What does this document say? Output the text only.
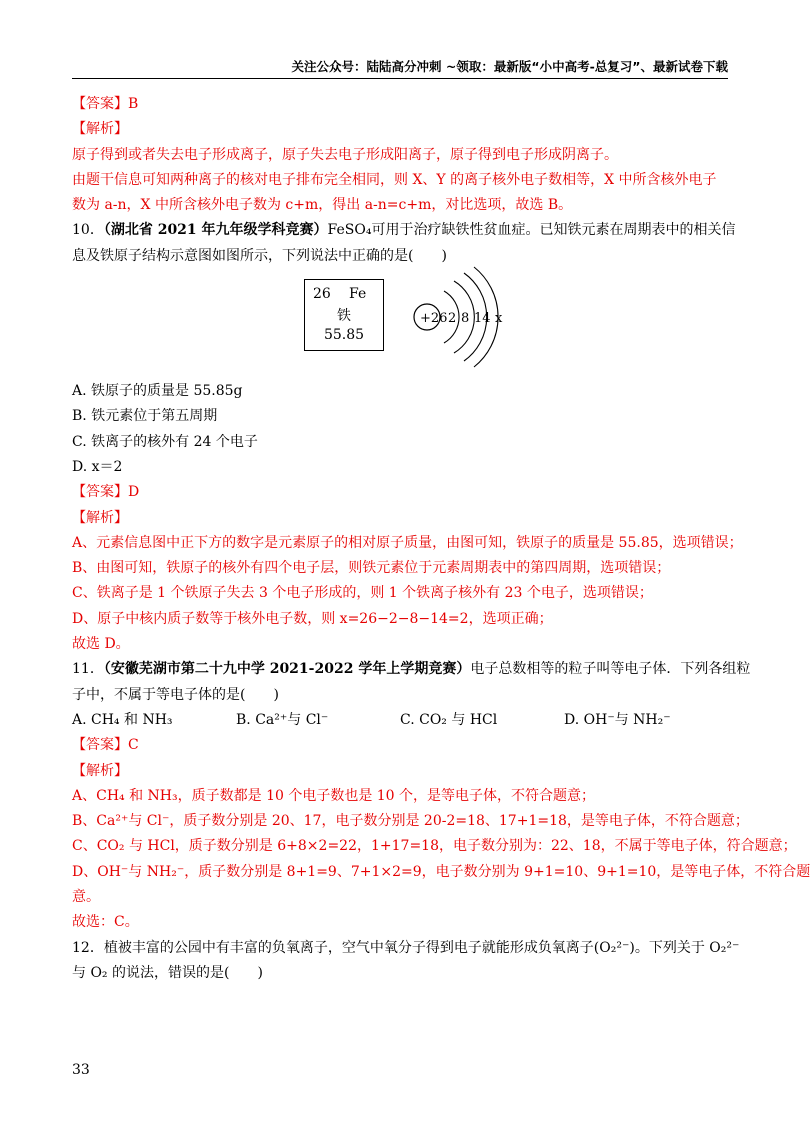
关注公众号：陆陆高分冲刺 ~领取：最新版“小中高考-总复习”、最新试卷下载
【答案】B
【解析】
原子得到或者失去电子形成离子，原子失去电子形成阳离子，原子得到电子形成阴离子。
由题干信息可知两种离子的核对电子排布完全相同，则 X、Y 的离子核外电子数相等，X 中所含核外电子
数为 a-n，X 中所含核外电子数为 c+m，得出 a-n=c+m，对比选项，故选 B。
10．（湖北省 2021 年九年级学科竞赛）FeSO₄可用于治疗缺铁性贫血症。已知铁元素在周期表中的相关信
息及铁原子结构示意图如图所示，下列说法中正确的是(　　)
26 Fe
铁
55.85
+26 2 8 14 x
A. 铁原子的质量是 55.85g
B. 铁元素位于第五周期
C. 铁离子的核外有 24 个电子
D. x＝2
【答案】D
【解析】
A、元素信息图中正下方的数字是元素原子的相对原子质量，由图可知，铁原子的质量是 55.85，选项错误；
B、由图可知，铁原子的核外有四个电子层，则铁元素位于元素周期表中的第四周期，选项错误；
C、铁离子是 1 个铁原子失去 3 个电子形成的，则 1 个铁离子核外有 23 个电子，选项错误；
D、原子中核内质子数等于核外电子数，则 x=26−2−8−14=2，选项正确；
故选 D。
11．（安徽芜湖市第二十九中学 2021-2022 学年上学期竞赛）电子总数相等的粒子叫等电子体．下列各组粒
子中，不属于等电子体的是(　　)
A. CH₄ 和 NH₃	B. Ca²⁺与 Cl⁻	C. CO₂ 与 HCl	D. OH⁻与 NH₂⁻
【答案】C
【解析】
A、CH₄ 和 NH₃，质子数都是 10 个电子数也是 10 个，是等电子体，不符合题意；
B、Ca²⁺与 Cl⁻，质子数分别是 20、17，电子数分别是 20-2=18、17+1=18，是等电子体，不符合题意；
C、CO₂ 与 HCl，质子数分别是 6+8×2=22，1+17=18，电子数分别为：22、18，不属于等电子体，符合题意；
D、OH⁻与 NH₂⁻，质子数分别是 8+1=9、7+1×2=9，电子数分别为 9+1=10、9+1=10，是等电子体，不符合题
意。
故选：C。
12．植被丰富的公园中有丰富的负氧离子，空气中氧分子得到电子就能形成负氧离子(O₂²⁻)。下列关于 O₂²⁻
与 O₂ 的说法，错误的是(　　)
33
